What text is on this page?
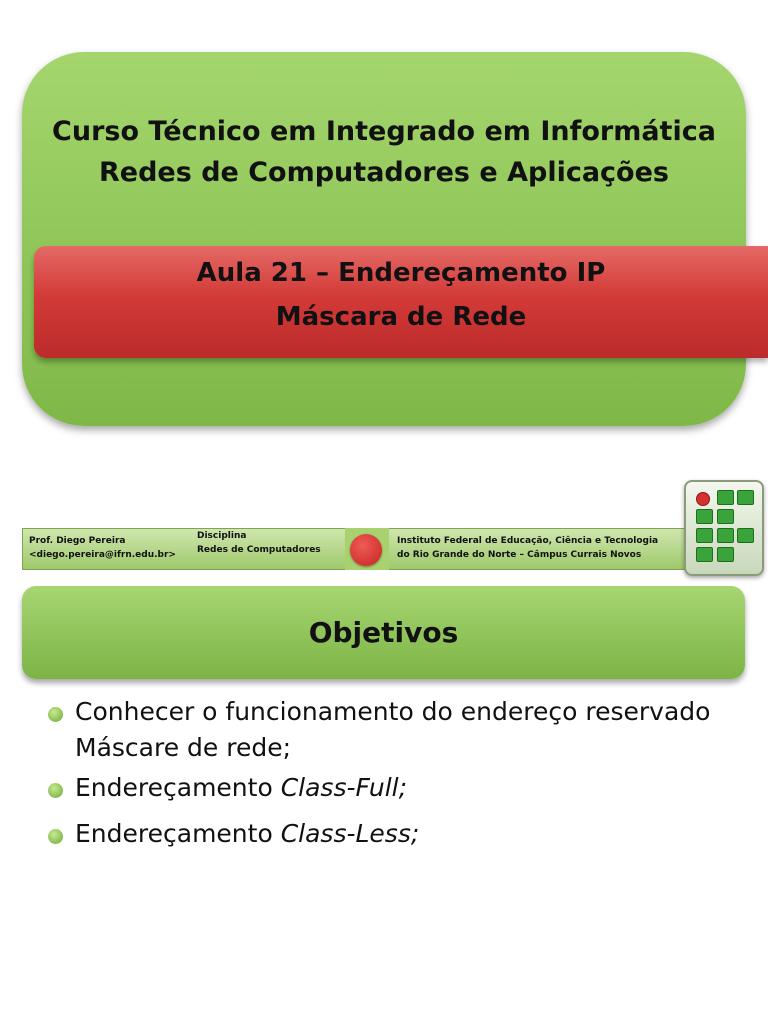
Curso Técnico em Integrado em Informática
Redes de Computadores e Aplicações
Aula 21 – Endereçamento IP
Máscara de Rede
Prof. Diego Pereira
<diego.pereira@ifrn.edu.br>
Disciplina
Redes de Computadores
Instituto Federal de Educação, Ciência e Tecnologia
do Rio Grande do Norte – Câmpus Currais Novos
Objetivos
Conhecer o funcionamento do endereço reservado
Máscare de rede;
Endereçamento Class-Full;
Endereçamento Class-Less;
